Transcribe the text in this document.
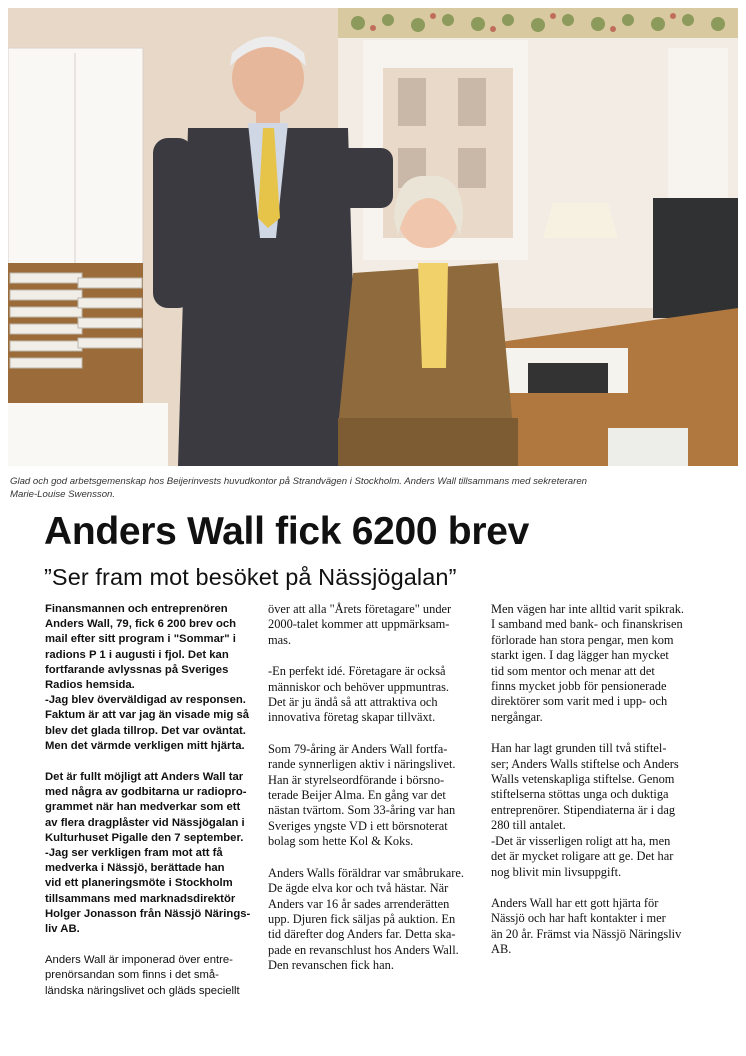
Glad och god arbetsgemenskap hos Beijerinvests huvudkontor på Strandvägen i Stockholm. Anders Wall tillsammans med sekreteraren
Marie-Louise Swensson.

Anders Wall fick 6200 brev
”Ser fram mot besöket på Nässjögalan”

Finansmannen och entreprenören
Anders Wall, 79, fick 6 200 brev och
mail efter sitt program i "Sommar" i
radions P 1 i augusti i fjol. Det kan
fortfarande avlyssnas på Sveriges
Radios hemsida.
-Jag blev överväldigad av responsen.
Faktum är att var jag än visade mig så
blev det glada tillrop. Det var oväntat.
Men det värmde verkligen mitt hjärta.

Det är fullt möjligt att Anders Wall tar
med några av godbitarna ur radiopro-
grammet när han medverkar som ett
av flera dragplåster vid Nässjögalan i
Kulturhuset Pigalle den 7 september.
-Jag ser verkligen fram mot att få
medverka i Nässjö, berättade han
vid ett planeringsmöte i Stockholm
tillsammans med marknadsdirektör
Holger Jonasson från Nässjö Närings-
liv AB.

Anders Wall är imponerad över entre-
prenörsandan som finns i det små-
ländska näringslivet och gläds speciellt

över att alla "Årets företagare" under
2000-talet kommer att uppmärksam-
mas.

-En perfekt idé. Företagare är också
människor och behöver uppmuntras.
Det är ju ändå så att attraktiva och
innovativa företag skapar tillväxt.

Som 79-åring är Anders Wall fortfa-
rande synnerligen aktiv i näringslivet.
Han är styrelseordförande i börsno-
terade Beijer Alma. En gång var det
nästan tvärtom. Som 33-åring var han
Sveriges yngste VD i ett börsnoterat
bolag som hette Kol & Koks.

Anders Walls föräldrar var småbrukare.
De ägde elva kor och två hästar. När
Anders var 16 år sades arrenderätten
upp. Djuren fick säljas på auktion. En
tid därefter dog Anders far. Detta ska-
pade en revanschlust hos Anders Wall.
Den revanschen fick han.

Men vägen har inte alltid varit spikrak.
I samband med bank- och finanskrisen
förlorade han stora pengar, men kom
starkt igen. I dag lägger han mycket
tid som mentor och menar att det
finns mycket jobb för pensionerade
direktörer som varit med i upp- och
nergångar.

Han har lagt grunden till två stiftel-
ser; Anders Walls stiftelse och Anders
Walls vetenskapliga stiftelse. Genom
stiftelserna stöttas unga och duktiga
entreprenörer. Stipendiaterna är i dag
280 till antalet.
-Det är visserligen roligt att ha, men
det är mycket roligare att ge. Det har
nog blivit min livsuppgift.

Anders Wall har ett gott hjärta för
Nässjö och har haft kontakter i mer
än 20 år. Främst via Nässjö Näringsliv
AB.
